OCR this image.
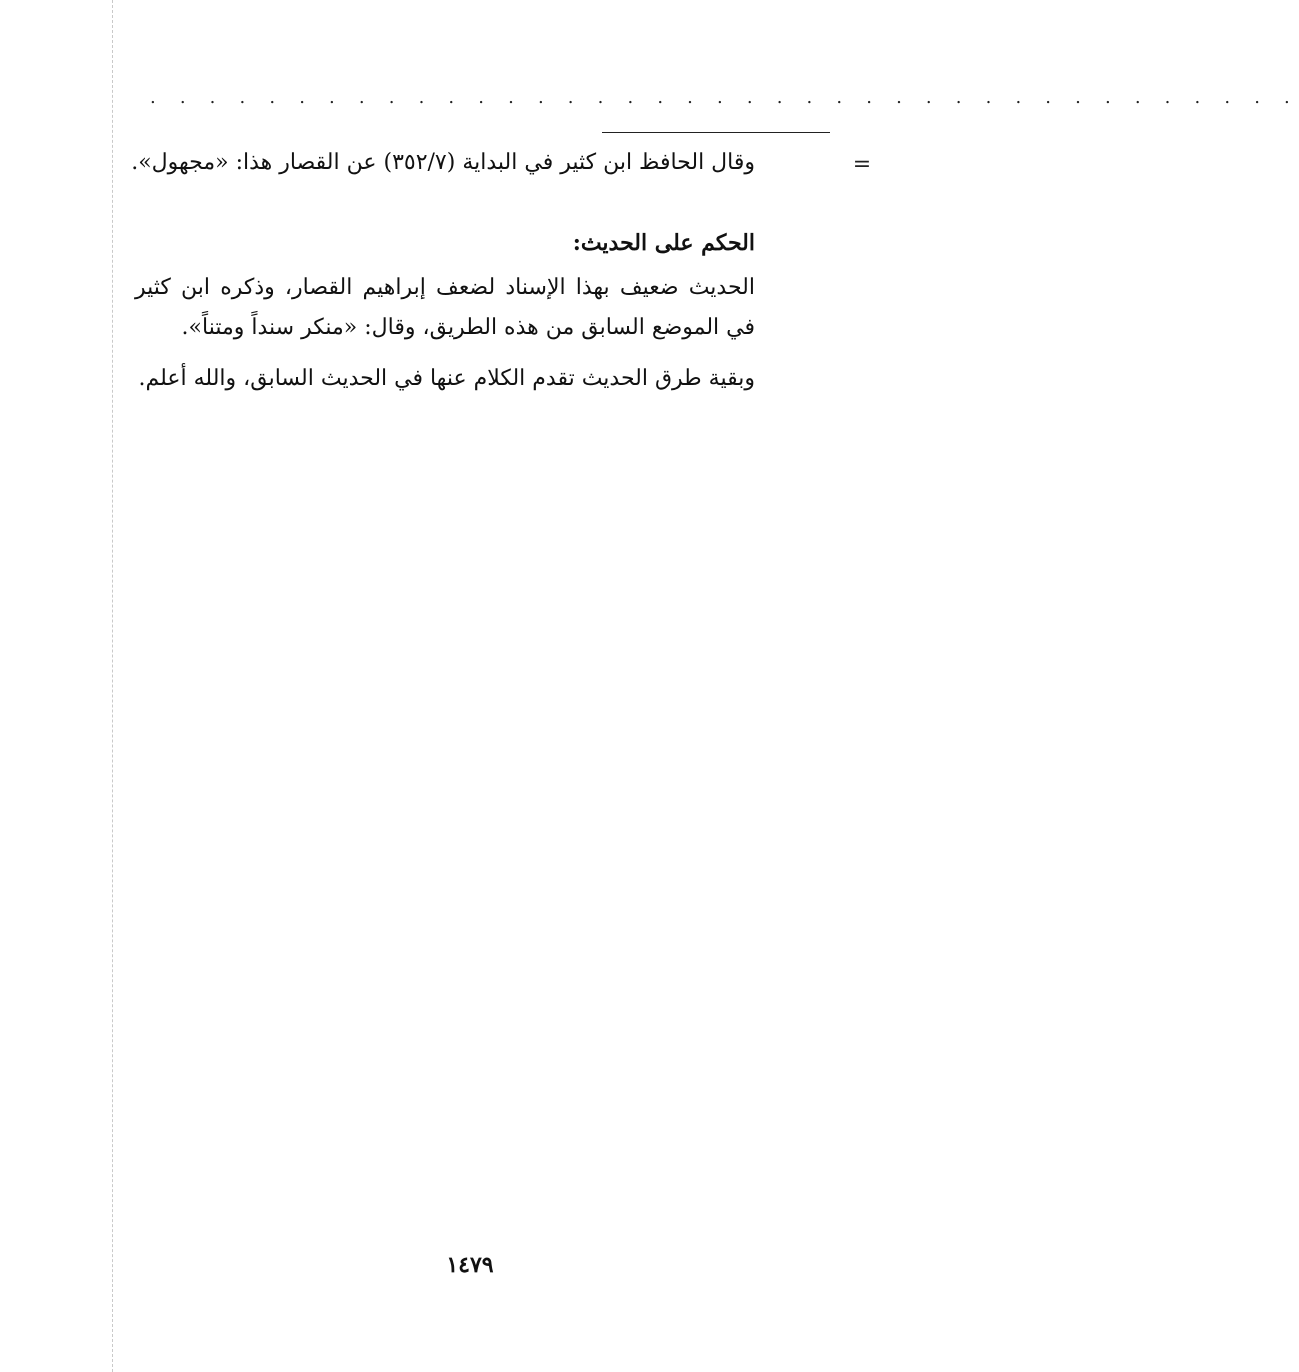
. . . . . . . . . . . . . . . . . . . . . . . . . . . . . . . . . . . . . . .
=
وقال الحافظ ابن كثير في البداية (٣٥٢/٧) عن القصار هذا: «مجهول».
الحكم على الحديث:
الحديث ضعيف بهذا الإسناد لضعف إبراهيم القصار، وذكره ابن كثير في الموضع السابق من هذه الطريق، وقال: «منكر سنداً ومتناً».
وبقية طرق الحديث تقدم الكلام عنها في الحديث السابق، والله أعلم.
١٤٧٩
